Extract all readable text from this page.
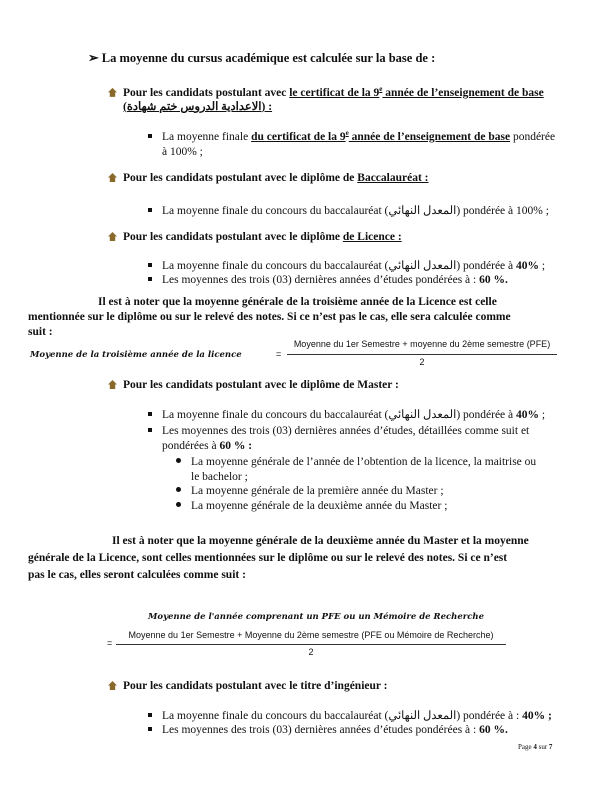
➢ La moyenne du cursus académique est calculée sur la base de :
Pour les candidats postulant avec le certificat de la 9e année de l’enseignement de base
(الاعدادية الدروس ختم شهادة) :
La moyenne finale du certificat de la 9e année de l’enseignement de base pondérée
à 100% ;
Pour les candidats postulant avec le diplôme de Baccalauréat :
La moyenne finale du concours du baccalauréat (المعدل النهائي) pondérée à 100% ;
Pour les candidats postulant avec le diplôme de Licence :
La moyenne finale du concours du baccalauréat (المعدل النهائي) pondérée à 40% ;
Les moyennes des trois (03) dernières années d’études pondérées à : 60 %.
Il est à noter que la moyenne générale de la troisième année de la Licence est celle
mentionnée sur le diplôme ou sur le relevé des notes. Si ce n’est pas le cas, elle sera calculée comme
suit :
Moyenne de la troisième année de la licence	=
Moyenne du 1er Semestre + moyenne du 2ème semestre (PFE)
2
Pour les candidats postulant avec le diplôme de Master :
La moyenne finale du concours du baccalauréat (المعدل النهائي) pondérée à 40% ;
Les moyennes des trois (03) dernières années d’études, détaillées comme suit et
pondérées à 60 % :
La moyenne générale de l’année de l’obtention de la licence, la maitrise ou
le bachelor ;
La moyenne générale de la première année du Master ;
La moyenne générale de la deuxième année du Master ;
Il est à noter que la moyenne générale de la deuxième année du Master et la moyenne
générale de la Licence, sont celles mentionnées sur le diplôme ou sur le relevé des notes. Si ce n’est
pas le cas, elles seront calculées comme suit :
Moyenne de l'année comprenant un PFE ou un Mémoire de Recherche
=
Moyenne du 1er Semestre + Moyenne du 2ème semestre (PFE ou Mémoire de Recherche)
2
Pour les candidats postulant avec le titre d’ingénieur :
La moyenne finale du concours du baccalauréat (المعدل النهائي) pondérée à : 40% ;
Les moyennes des trois (03) dernières années d’études pondérées à : 60 %.
Page 4 sur 7
